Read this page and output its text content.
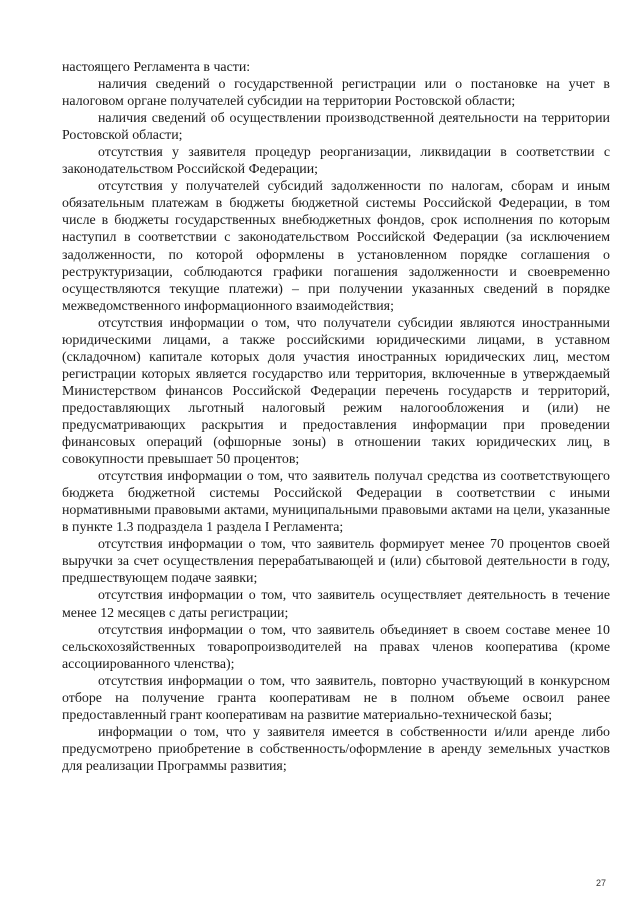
настоящего Регламента в части:

наличия сведений о государственной регистрации или о постановке на учет в налоговом органе получателей субсидии на территории Ростовской области;

наличия сведений об осуществлении производственной деятельности на территории Ростовской области;

отсутствия у заявителя процедур реорганизации, ликвидации в соответствии с законодательством Российской Федерации;

отсутствия у получателей субсидий задолженности по налогам, сборам и иным обязательным платежам в бюджеты бюджетной системы Российской Федерации, в том числе в бюджеты государственных внебюджетных фондов, срок исполнения по которым наступил в соответствии с законодательством Российской Федерации (за исключением задолженности, по которой оформлены в установленном порядке соглашения о реструктуризации, соблюдаются графики погашения задолженности и своевременно осуществляются текущие платежи) – при получении указанных сведений в порядке межведомственного информационного взаимодействия;

отсутствия информации о том, что получатели субсидии являются иностранными юридическими лицами, а также российскими юридическими лицами, в уставном (складочном) капитале которых доля участия иностранных юридических лиц, местом регистрации которых является государство или территория, включенные в утверждаемый Министерством финансов Российской Федерации перечень государств и территорий, предоставляющих льготный налоговый режим налогообложения и (или) не предусматривающих раскрытия и предоставления информации при проведении финансовых операций (офшорные зоны) в отношении таких юридических лиц, в совокупности превышает 50 процентов;

отсутствия информации о том, что заявитель получал средства из соответствующего бюджета бюджетной системы Российской Федерации в соответствии с иными нормативными правовыми актами, муниципальными правовыми актами на цели, указанные в пункте 1.3 подраздела 1 раздела I Регламента;

отсутствия информации о том, что заявитель формирует менее 70 процентов своей выручки за счет осуществления перерабатывающей и (или) сбытовой деятельности в году, предшествующем подаче заявки;

отсутствия информации о том, что заявитель осуществляет деятельность в течение менее 12 месяцев с даты регистрации;

отсутствия информации о том, что заявитель объединяет в своем составе менее 10 сельскохозяйственных товаропроизводителей на правах членов кооператива (кроме ассоциированного членства);

отсутствия информации о том, что заявитель, повторно участвующий в конкурсном отборе на получение гранта кооперативам не в полном объеме освоил ранее предоставленный грант кооперативам на развитие материально-технической базы;

информации о том, что у заявителя имеется в собственности и/или аренде либо предусмотрено приобретение в собственность/оформление в аренду земельных участков для реализации Программы развития;

27
